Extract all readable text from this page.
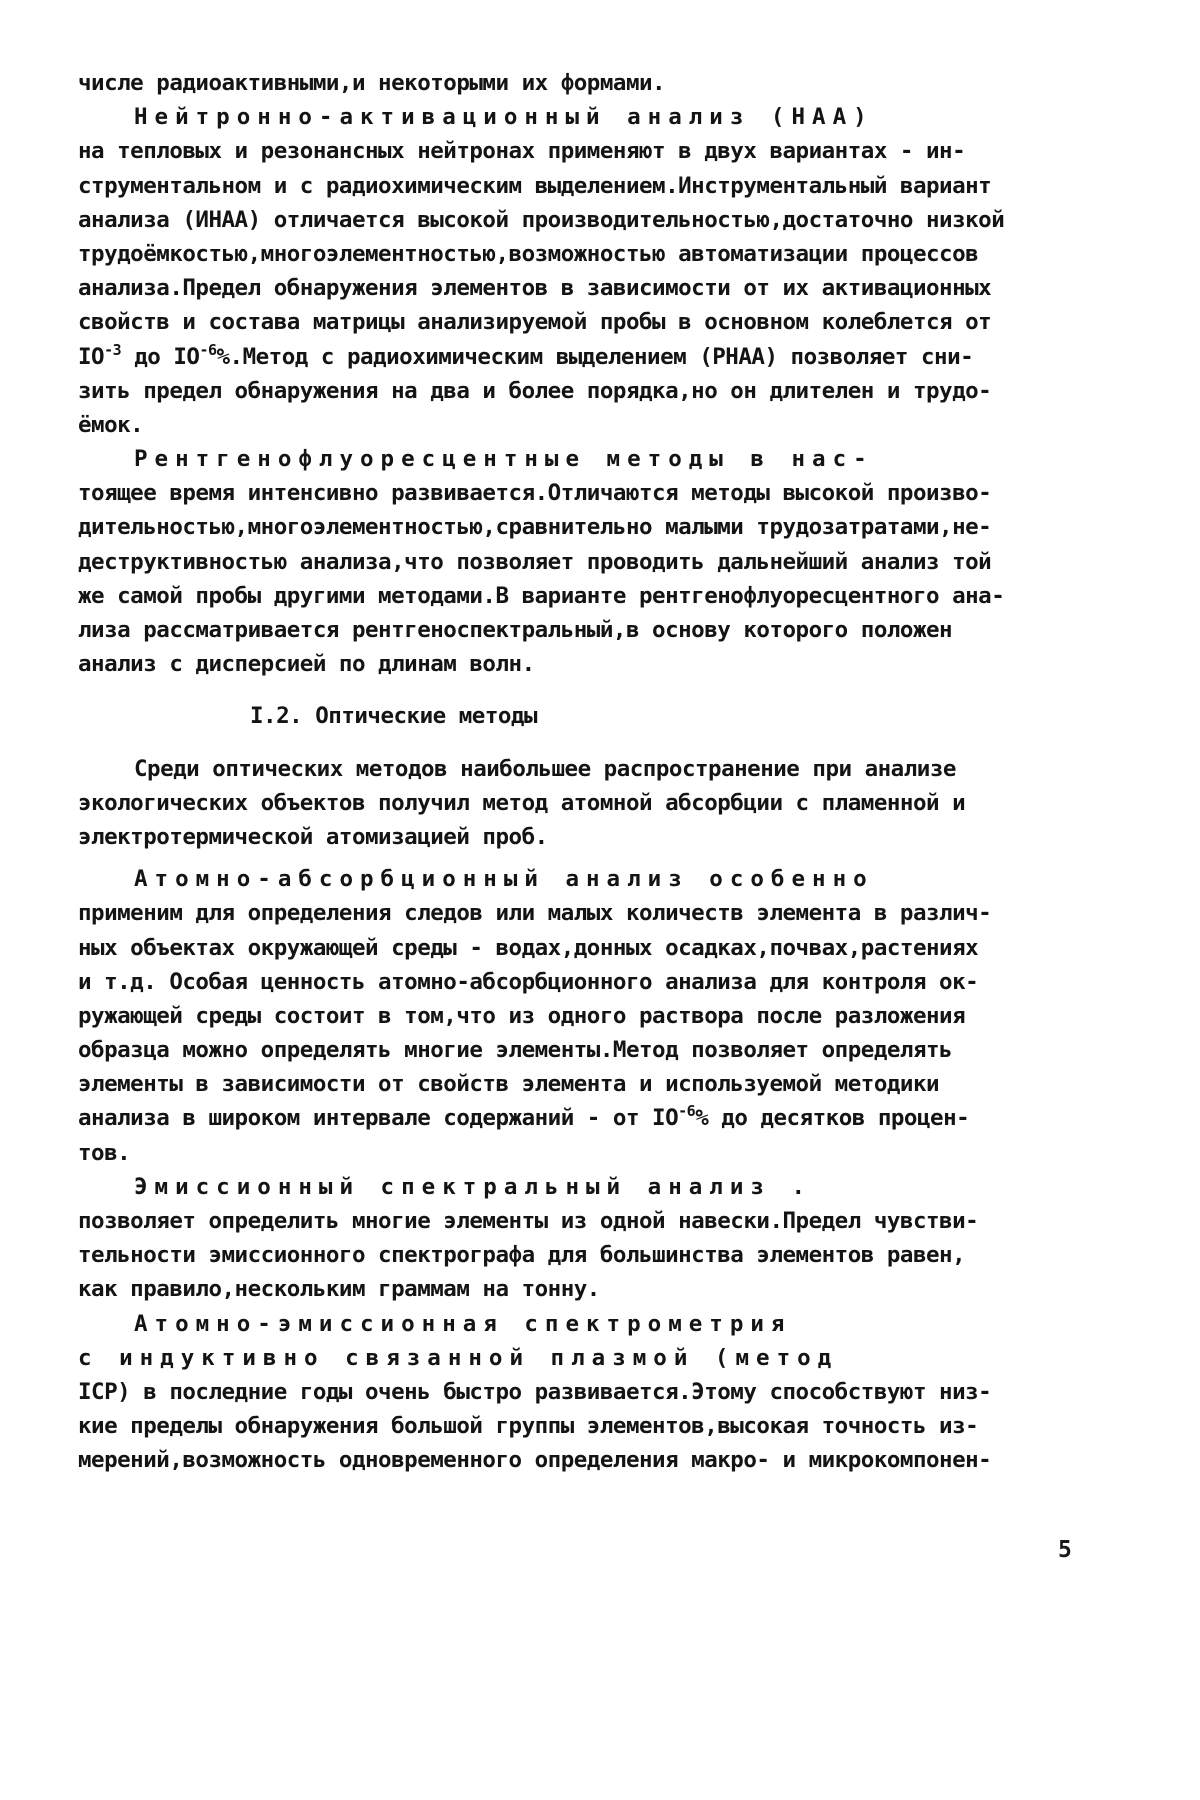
числе радиоактивными,и некоторыми их формами.
Нейтронно-активационный анализ (НАА)
на тепловых и резонансных нейтронах применяют в двух вариантах - ин-
струментальном и с радиохимическим выделением.Инструментальный вариант
анализа (ИНАА) отличается высокой производительностью,достаточно низкой
трудоёмкостью,многоэлементностью,возможностью автоматизации процессов
анализа.Предел обнаружения элементов в зависимости от их активационных
свойств и состава матрицы анализируемой пробы в основном колеблется от
$IO^{-3}$ до $IO^{-6}\%.Метод$ с радиохимическим выделением (РНАА) позволяет сни-
зить предел обнаружения на два и более порядка,но он длителен и трудо-
ёмок.
Рентгенофлуоресцентные методы в нас-
тоящее время интенсивно развивается.Отличаются методы высокой произво-
дительностью,многоэлементностью,сравнительно малыми трудозатратами,не-
деструктивностью анализа,что позволяет проводить дальнейший анализ той
же самой пробы другими методами.В варианте рентгенофлуоресцентного ана-
лиза рассматривается рентгеноспектральный,в основу которого положен
анализ с дисперсией по длинам волн.
I.2. Оптические методы
Среди оптических методов наибольшее распространение при анализе
экологических объектов получил метод атомной абсорбции с пламенной и
электротермической атомизацией проб.
Атомно-абсорбционный анализ особенно
применим для определения следов или малых количеств элемента в различ-
ных объектах окружающей среды - водах,донных осадках,почвах,растениях
и т.д. Особая ценность атомно-абсорбционного анализа для контроля ок-
ружающей среды состоит в том,что из одного раствора после разложения
образца можно определять многие элементы.Метод позволяет определять
элементы в зависимости от свойств элемента и используемой методики
анализа в широком интервале содержаний - от $IO^{-6}\%$ до десятков процен-
тов.
Эмиссионный спектральный анализ .
позволяет определить многие элементы из одной навески.Предел чувстви-
тельности эмиссионного спектрографа для большинства элементов равен,
как правило,нескольким граммам на тонну.
Атомно-эмиссионная спектрометрия
с индуктивно связанной плазмой (метод
ICP) в последние годы очень быстро развивается.Этому способствуют низ-
кие пределы обнаружения большой группы элементов,высокая точность из-
мерений,возможность одновременного определения макро- и микрокомпонен-
5
